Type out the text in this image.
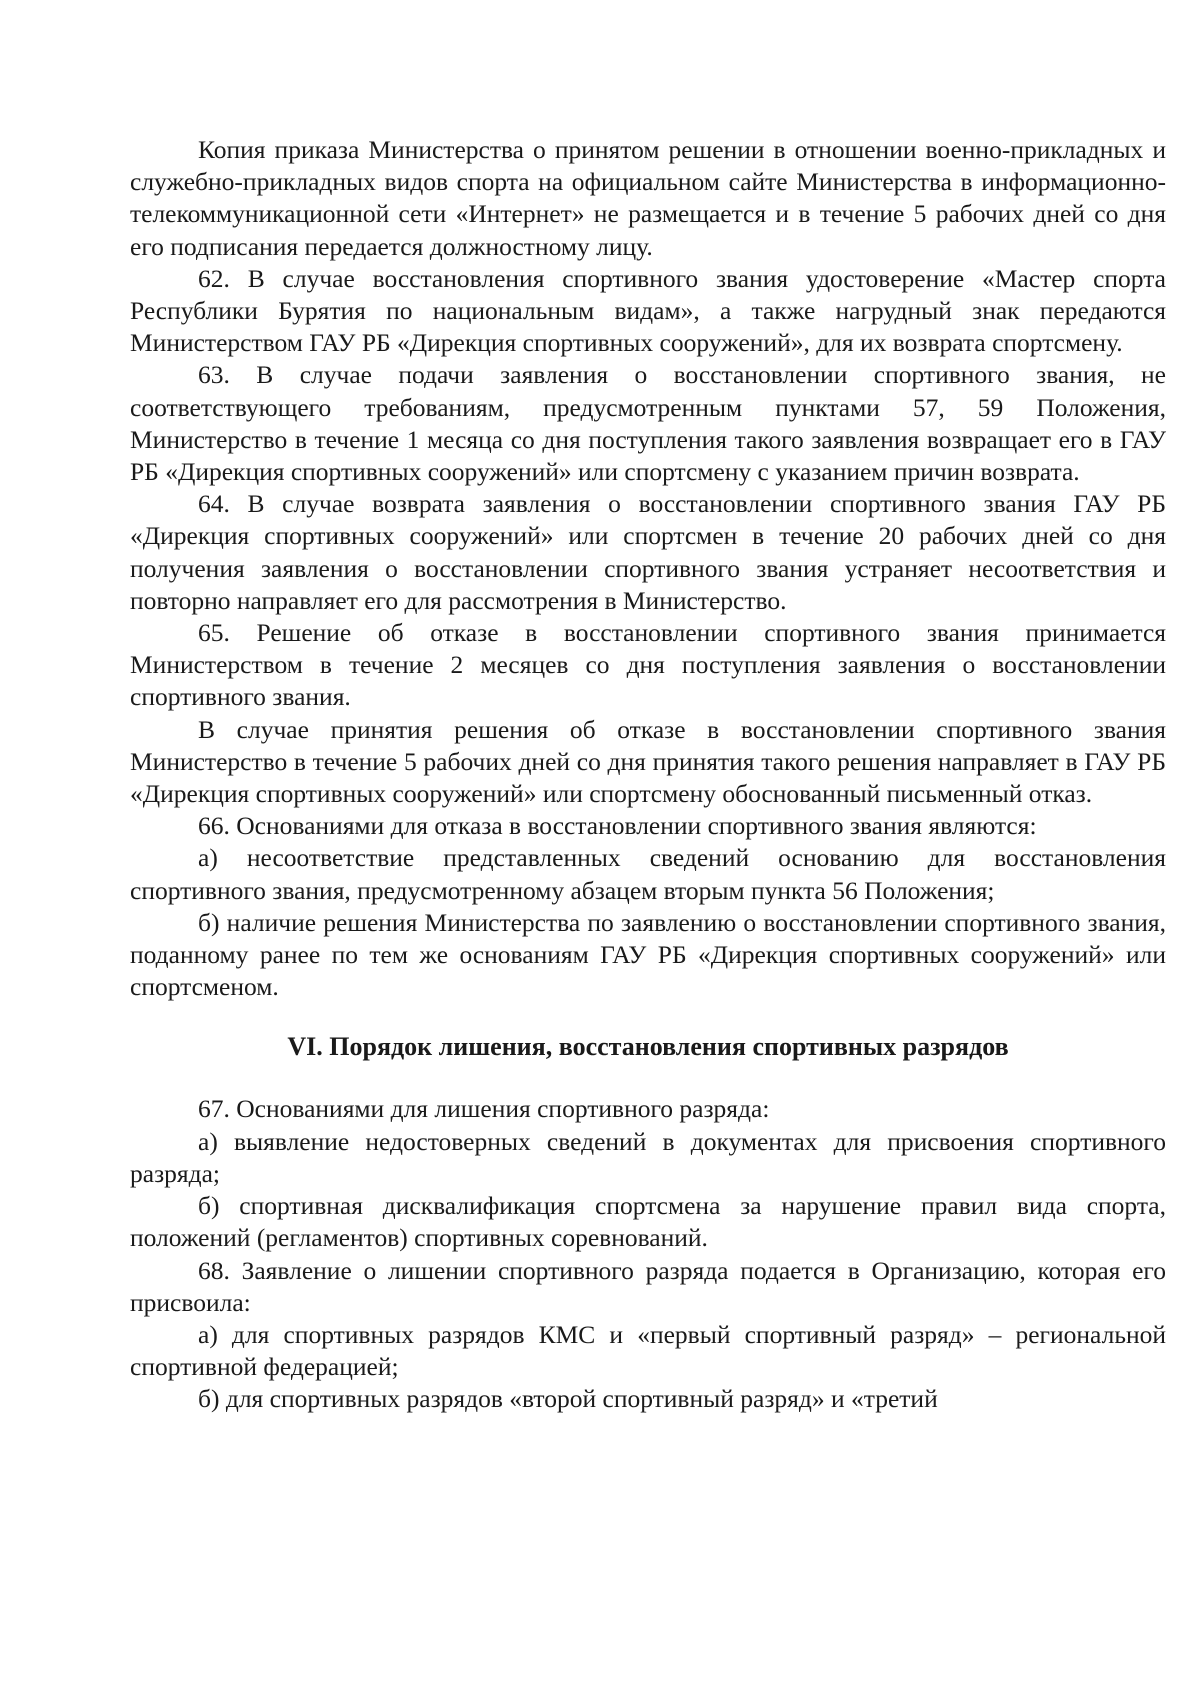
Копия приказа Министерства о принятом решении в отношении военно-прикладных и служебно-прикладных видов спорта на официальном сайте Министерства в информационно-телекоммуникационной сети «Интернет» не размещается и в течение 5 рабочих дней со дня его подписания передается должностному лицу.

62. В случае восстановления спортивного звания удостоверение «Мастер спорта Республики Бурятия по национальным видам», а также нагрудный знак передаются Министерством ГАУ РБ «Дирекция спортивных сооружений», для их возврата спортсмену.

63. В случае подачи заявления о восстановлении спортивного звания, не соответствующего требованиям, предусмотренным пунктами 57, 59 Положения, Министерство в течение 1 месяца со дня поступления такого заявления возвращает его в ГАУ РБ «Дирекция спортивных сооружений» или спортсмену с указанием причин возврата.

64. В случае возврата заявления о восстановлении спортивного звания ГАУ РБ «Дирекция спортивных сооружений» или спортсмен в течение 20 рабочих дней со дня получения заявления о восстановлении спортивного звания устраняет несоответствия и повторно направляет его для рассмотрения в Министерство.

65. Решение об отказе в восстановлении спортивного звания принимается Министерством в течение 2 месяцев со дня поступления заявления о восстановлении спортивного звания.

В случае принятия решения об отказе в восстановлении спортивного звания Министерство в течение 5 рабочих дней со дня принятия такого решения направляет в ГАУ РБ «Дирекция спортивных сооружений» или спортсмену обоснованный письменный отказ.

66. Основаниями для отказа в восстановлении спортивного звания являются:

а) несоответствие представленных сведений основанию для восстановления спортивного звания, предусмотренному абзацем вторым пункта 56 Положения;

б) наличие решения Министерства по заявлению о восстановлении спортивного звания, поданному ранее по тем же основаниям ГАУ РБ «Дирекция спортивных сооружений» или спортсменом.

VI. Порядок лишения, восстановления спортивных разрядов

67. Основаниями для лишения спортивного разряда:

а) выявление недостоверных сведений в документах для присвоения спортивного разряда;

б) спортивная дисквалификация спортсмена за нарушение правил вида спорта, положений (регламентов) спортивных соревнований.

68. Заявление о лишении спортивного разряда подается в Организацию, которая его присвоила:

а) для спортивных разрядов КМС и «первый спортивный разряд» – региональной спортивной федерацией;

б) для спортивных разрядов «второй спортивный разряд» и «третий
